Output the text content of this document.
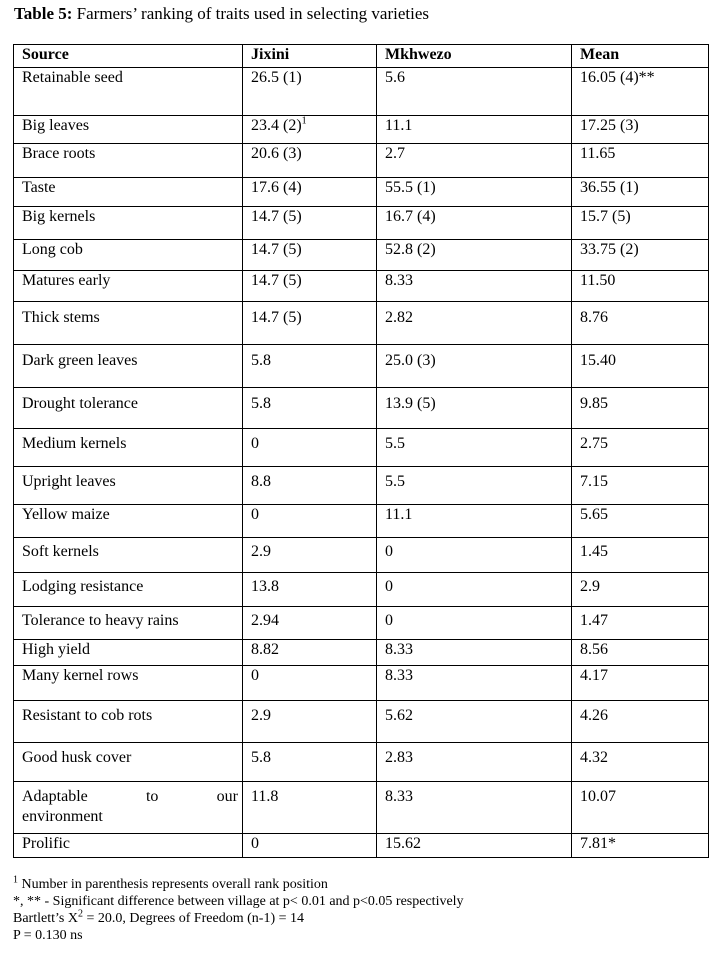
Table 5: Farmers’ ranking of traits used in selecting varieties
Source	Jixini	Mkhwezo	Mean
Retainable seed	26.5 (1)	5.6	16.05 (4)**
Big leaves	23.4 $(2)^1$	11.1	17.25 (3)
Brace roots	20.6 (3)	2.7	11.65
Taste	17.6 (4)	55.5 (1)	36.55 (1)
Big kernels	14.7 (5)	16.7 (4)	15.7 (5)
Long cob	14.7 (5)	52.8 (2)	33.75 (2)
Matures early	14.7 (5)	8.33	11.50
Thick stems	14.7 (5)	2.82	8.76
Dark green leaves	5.8	25.0 (3)	15.40
Drought tolerance	5.8	13.9 (5)	9.85
Medium kernels	0	5.5	2.75
Upright leaves	8.8	5.5	7.15
Yellow maize	0	11.1	5.65
Soft kernels	2.9	0	1.45
Lodging resistance	13.8	0	2.9
Tolerance to heavy rains	2.94	0	1.47
High yield	8.82	8.33	8.56
Many kernel rows	0	8.33	4.17
Resistant to cob rots	2.9	5.62	4.26
Good husk cover	5.8	2.83	4.32

Adaptable to our
environment	11.8	8.33	10.07
Prolific	0	15.62	7.81*
$^1$ Number in parenthesis represents overall rank position
*, ** - Significant difference between village at p< 0.01 and p<0.05 respectively
Bartlett’s $X^2 = 20.0$, Degrees of Freedom (n-1) = 14
P = 0.130 ns
